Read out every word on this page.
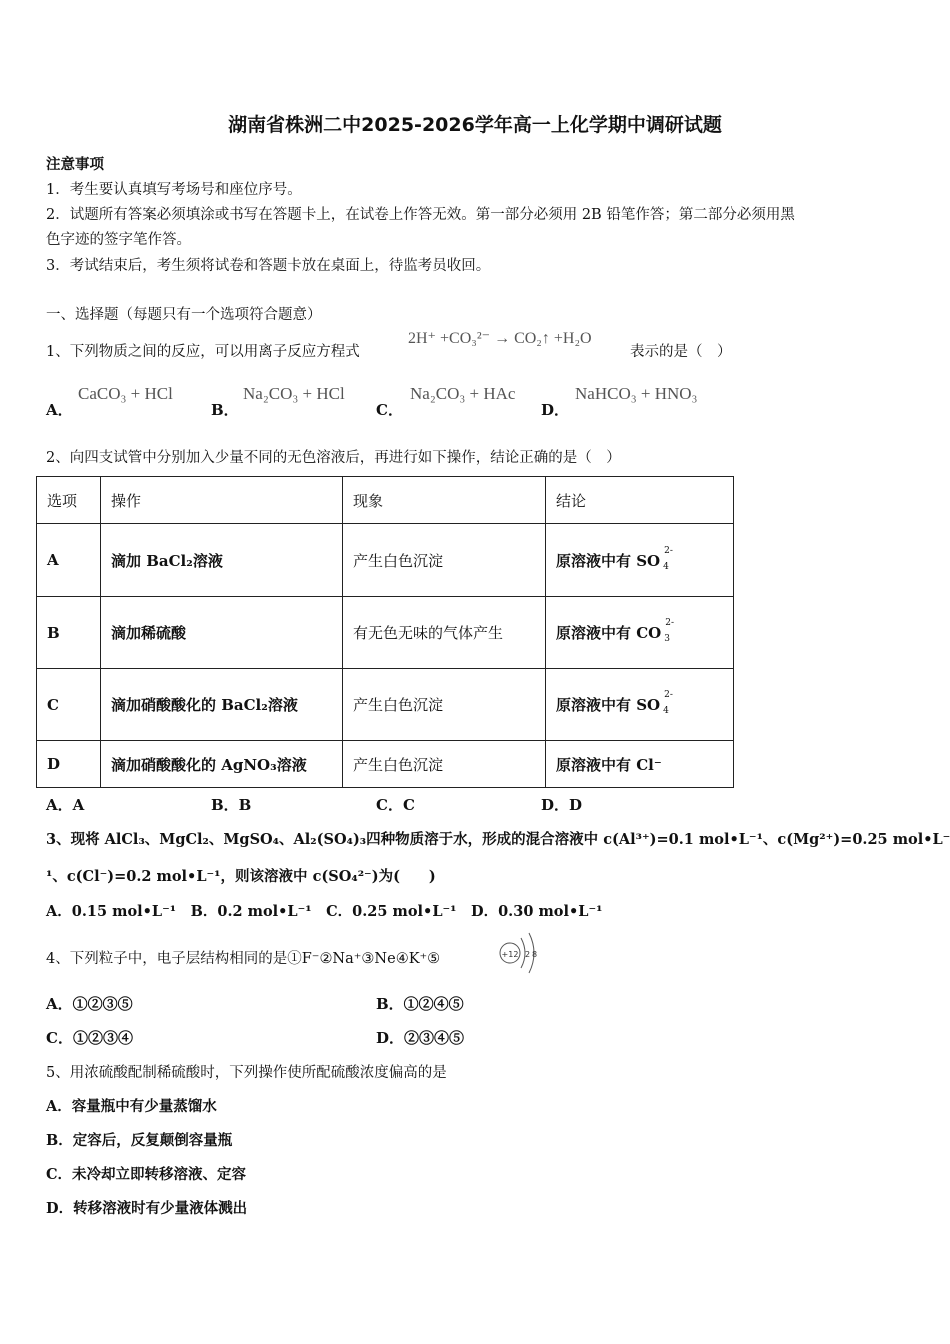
湖南省株洲二中2025-2026学年高一上化学期中调研试题
注意事项
1．考生要认真填写考场号和座位序号。
2．试题所有答案必须填涂或书写在答题卡上，在试卷上作答无效。第一部分必须用 2B 铅笔作答；第二部分必须用黑
色字迹的签字笔作答。
3．考试结束后，考生须将试卷和答题卡放在桌面上，待监考员收回。
一、选择题（每题只有一个选项符合题意）
1、下列物质之间的反应，可以用离子反应方程式
2H⁺ +CO₃²⁻ → CO₂↑ +H₂O
表示的是（　）
A．
CaCO₃ + HCl
B．
Na₂CO₃ + HCl
C．
Na₂CO₃ + HAc
D．
NaHCO₃ + HNO₃
2、向四支试管中分别加入少量不同的无色溶液后，再进行如下操作，结论正确的是（　）
选项	操作	现象	结论
A	滴加 BaCl₂溶液	产生白色沉淀	原溶液中有 SO
2-
4

B	滴加稀硫酸	有无色无味的气体产生	原溶液中有 CO
2-
3

C	滴加硝酸酸化的 BaCl₂溶液	产生白色沉淀	原溶液中有 SO
2-
4

D	滴加硝酸酸化的 AgNO₃溶液	产生白色沉淀	原溶液中有 Cl⁻
A．A	B．B	C．C	D．D
3、现将 AlCl₃、MgCl₂、MgSO₄、Al₂(SO₄)₃四种物质溶于水，形成的混合溶液中 c(Al³⁺)=0.1 mol•L⁻¹、c(Mg²⁺)=0.25 mol•L⁻
¹、c(Cl⁻)=0.2 mol•L⁻¹，则该溶液中 c(SO₄²⁻)为(　　)
A．0.15 mol•L⁻¹　B．0.2 mol•L⁻¹　C．0.25 mol•L⁻¹　D．0.30 mol•L⁻¹
4、下列粒子中，电子层结构相同的是①F⁻②Na⁺③Ne④K⁺⑤	+12 2 8
A．①②③⑤	B．①②④⑤
C．①②③④	D．②③④⑤
5、用浓硫酸配制稀硫酸时，下列操作使所配硫酸浓度偏高的是
A．容量瓶中有少量蒸馏水
B．定容后，反复颠倒容量瓶
C．未冷却立即转移溶液、定容
D．转移溶液时有少量液体溅出
